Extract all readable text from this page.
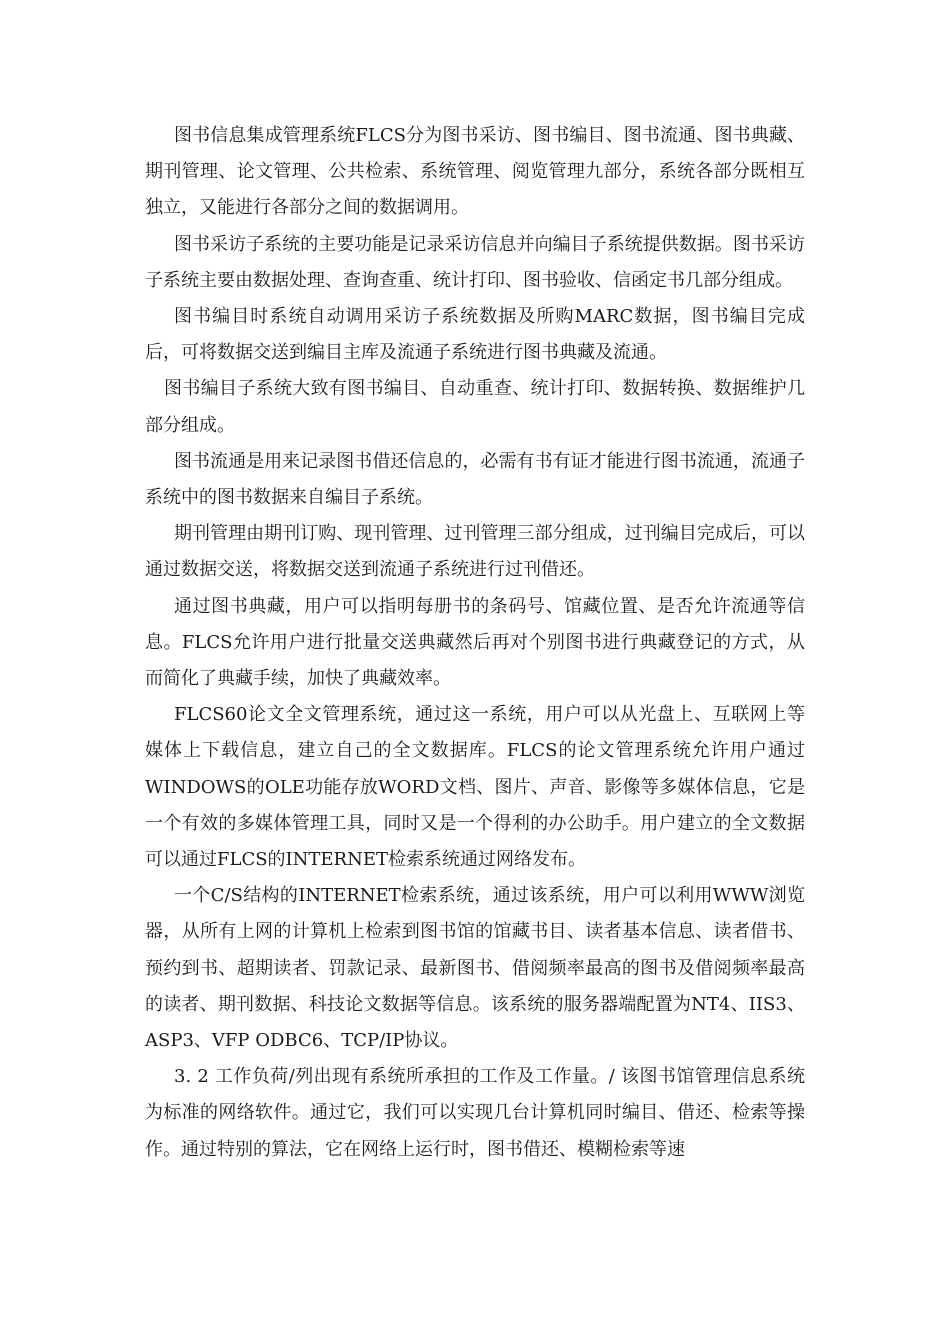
图书信息集成管理系统FLCS分为图书采访、图书编目、图书流通、图书典藏、期刊管理、论文管理、公共检索、系统管理、阅览管理九部分，系统各部分既相互独立，又能进行各部分之间的数据调用。

图书采访子系统的主要功能是记录采访信息并向编目子系统提供数据。图书采访子系统主要由数据处理、查询查重、统计打印、图书验收、信函定书几部分组成。

图书编目时系统自动调用采访子系统数据及所购MARC数据，图书编目完成后，可将数据交送到编目主库及流通子系统进行图书典藏及流通。

图书编目子系统大致有图书编目、自动重查、统计打印、数据转换、数据维护几部分组成。

图书流通是用来记录图书借还信息的，必需有书有证才能进行图书流通，流通子系统中的图书数据来自编目子系统。

期刊管理由期刊订购、现刊管理、过刊管理三部分组成，过刊编目完成后，可以通过数据交送，将数据交送到流通子系统进行过刊借还。

通过图书典藏，用户可以指明每册书的条码号、馆藏位置、是否允许流通等信息。FLCS允许用户进行批量交送典藏然后再对个别图书进行典藏登记的方式，从而简化了典藏手续，加快了典藏效率。

FLCS60论文全文管理系统，通过这一系统，用户可以从光盘上、互联网上等媒体上下载信息，建立自己的全文数据库。FLCS的论文管理系统允许用户通过WINDOWS的OLE功能存放WORD文档、图片、声音、影像等多媒体信息，它是一个有效的多媒体管理工具，同时又是一个得利的办公助手。用户建立的全文数据可以通过FLCS的INTERNET检索系统通过网络发布。

一个C/S结构的INTERNET检索系统，通过该系统，用户可以利用WWW浏览器，从所有上网的计算机上检索到图书馆的馆藏书目、读者基本信息、读者借书、预约到书、超期读者、罚款记录、最新图书、借阅频率最高的图书及借阅频率最高的读者、期刊数据、科技论文数据等信息。该系统的服务器端配置为NT4、IIS3、ASP3、VFP ODBC6、TCP/IP协议。

3. 2 工作负荷/列出现有系统所承担的工作及工作量。/ 该图书馆管理信息系统为标准的网络软件。通过它，我们可以实现几台计算机同时编目、借还、检索等操作。通过特别的算法，它在网络上运行时，图书借还、模糊检索等速
